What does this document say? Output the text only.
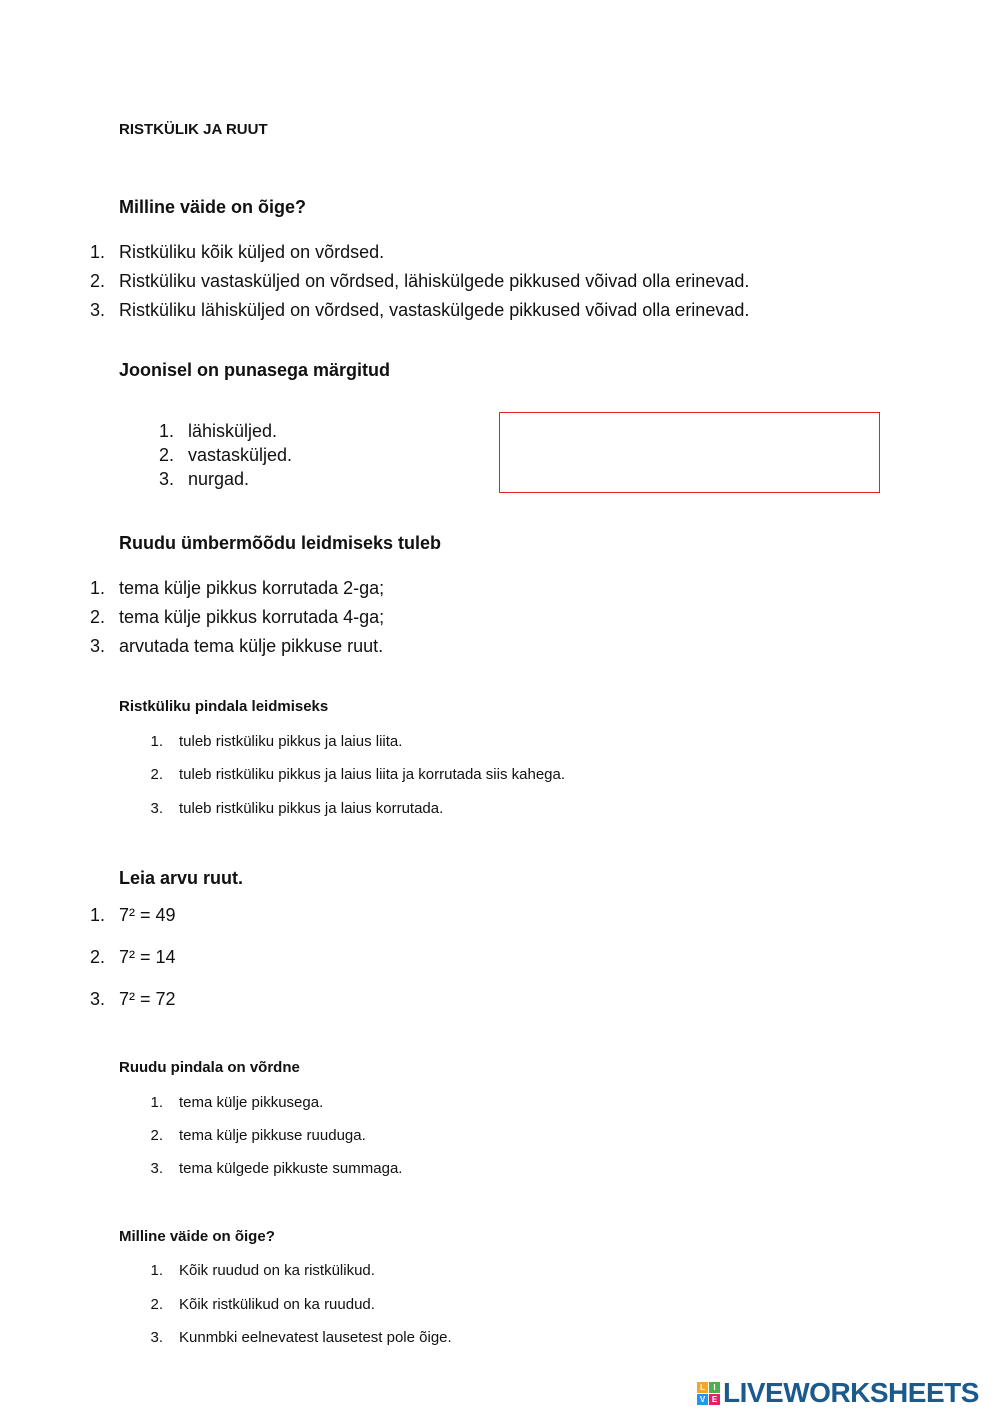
RISTKÜLIK JA RUUT
Milline väide on õige?
1. Ristküliku kõik küljed on võrdsed.
2. Ristküliku vastasküljed on võrdsed, lähiskülgede pikkused võivad olla erinevad.
3. Ristküliku lähisküljed on võrdsed, vastaskülgede pikkused võivad olla erinevad.
Joonisel on punasega märgitud
1. lähisküljed.
2. vastasküljed.
3. nurgad.
Ruudu ümbermõõdu leidmiseks tuleb
1. tema külje pikkus korrutada 2-ga;
2. tema külje pikkus korrutada 4-ga;
3. arvutada tema külje pikkuse ruut.
Ristküliku pindala leidmiseks
1. tuleb ristküliku pikkus ja laius liita.
2. tuleb ristküliku pikkus ja laius liita ja korrutada siis kahega.
3. tuleb ristküliku pikkus ja laius korrutada.
Leia arvu ruut.
1. 7² = 49
2. 7² = 14
3. 7² = 72
Ruudu pindala on võrdne
1. tema külje pikkusega.
2. tema külje pikkuse ruuduga.
3. tema külgede pikkuste summaga.
Milline väide on õige?
1. Kõik ruudud on ka ristkülikud.
2. Kõik ristkülikud on ka ruudud.
3. Kunmbki eelnevatest lausetest pole õige.
L	I
V E LIVEWORKSHEETS
